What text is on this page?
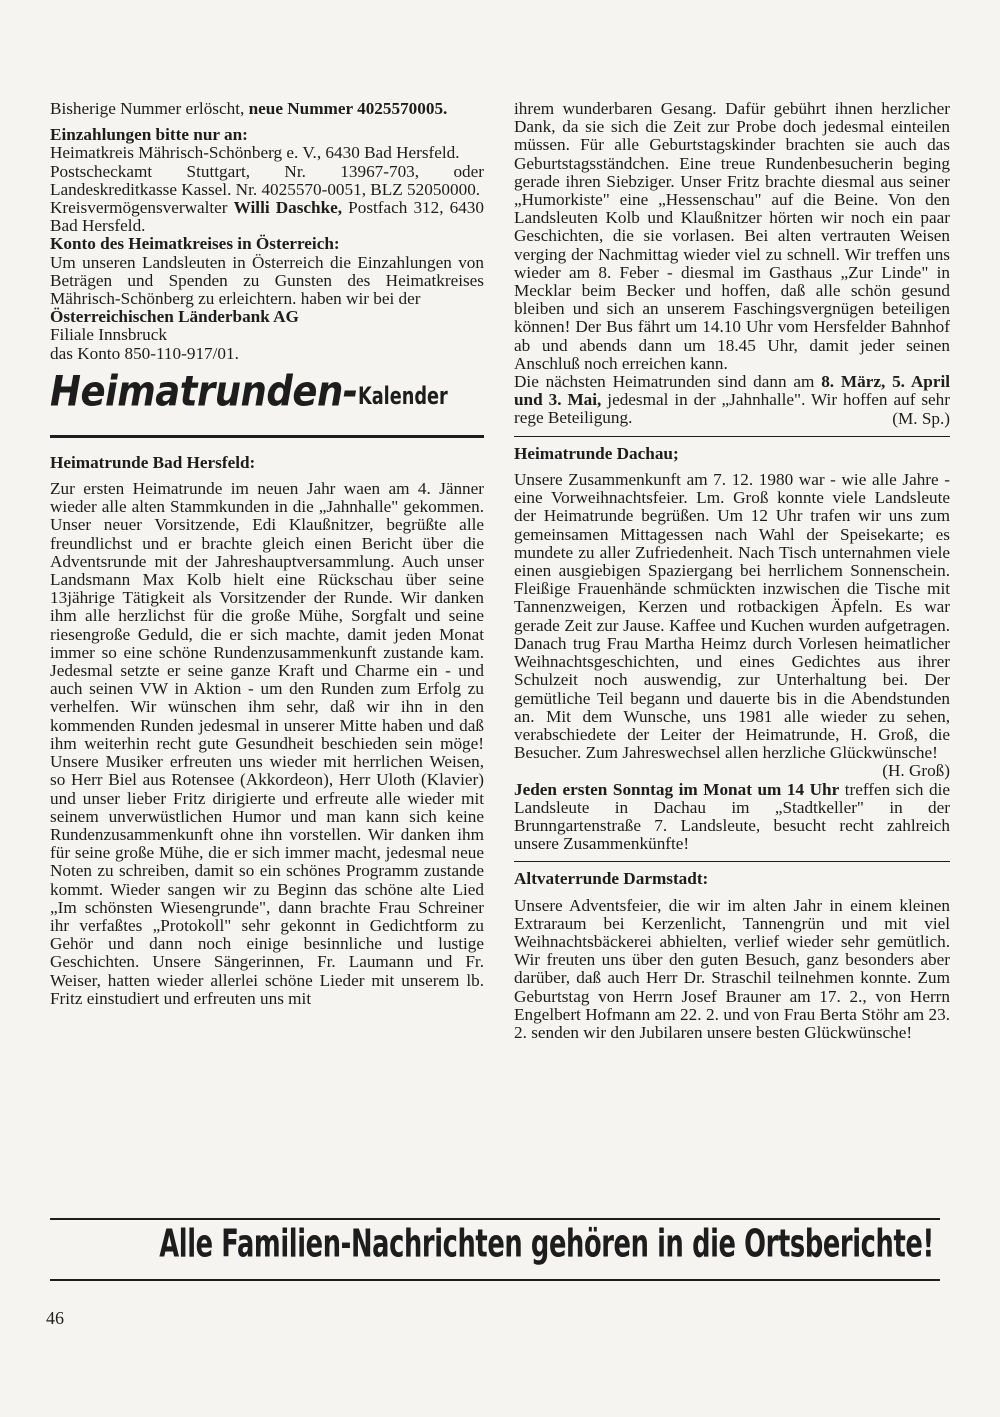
Bisherige Nummer erlöscht, neue Nummer 4025570005.

Einzahlungen bitte nur an:

Heimatkreis Mährisch-Schönberg e. V., 6430 Bad Hersfeld.

Postscheckamt Stuttgart, Nr. 13967-703, oder Landeskreditkasse Kassel. Nr. 4025570-0051, BLZ 52050000.

Kreisvermögensverwalter Willi Daschke, Postfach 312, 6430 Bad Hersfeld.

Konto des Heimatkreises in Österreich:

Um unseren Landsleuten in Österreich die Einzahlungen von Beträgen und Spenden zu Gunsten des Heimatkreises Mährisch-Schönberg zu erleichtern. haben wir bei der

Österreichischen Länderbank AG

Filiale Innsbruck

das Konto 850-110-917/01.

Heimatrunden-Kalender

Heimatrunde Bad Hersfeld:

Zur ersten Heimatrunde im neuen Jahr waen am 4. Jänner wieder alle alten Stammkunden in die „Jahnhalle" gekommen. Unser neuer Vorsitzende, Edi Klaußnitzer, begrüßte alle freundlichst und er brachte gleich einen Bericht über die Adventsrunde mit der Jahreshauptversammlung. Auch unser Landsmann Max Kolb hielt eine Rückschau über seine 13jährige Tätigkeit als Vorsitzender der Runde. Wir danken ihm alle herzlichst für die große Mühe, Sorgfalt und seine riesengroße Geduld, die er sich machte, damit jeden Monat immer so eine schöne Rundenzusammenkunft zustande kam. Jedesmal setzte er seine ganze Kraft und Charme ein - und auch seinen VW in Aktion - um den Runden zum Erfolg zu verhelfen. Wir wünschen ihm sehr, daß wir ihn in den kommenden Runden jedesmal in unserer Mitte haben und daß ihm weiterhin recht gute Gesundheit beschieden sein möge! Unsere Musiker erfreuten uns wieder mit herrlichen Weisen, so Herr Biel aus Rotensee (Akkordeon), Herr Uloth (Klavier) und unser lieber Fritz dirigierte und erfreute alle wieder mit seinem unverwüstlichen Humor und man kann sich keine Rundenzusammenkunft ohne ihn vorstellen. Wir danken ihm für seine große Mühe, die er sich immer macht, jedesmal neue Noten zu schreiben, damit so ein schönes Programm zustande kommt. Wieder sangen wir zu Beginn das schöne alte Lied „Im schönsten Wiesengrunde", dann brachte Frau Schreiner ihr verfaßtes „Protokoll" sehr gekonnt in Gedichtform zu Gehör und dann noch einige besinnliche und lustige Geschichten. Unsere Sängerinnen, Fr. Laumann und Fr. Weiser, hatten wieder allerlei schöne Lieder mit unserem lb. Fritz einstudiert und erfreuten uns mit

ihrem wunderbaren Gesang. Dafür gebührt ihnen herzlicher Dank, da sie sich die Zeit zur Probe doch jedesmal einteilen müssen. Für alle Geburtstagskinder brachten sie auch das Geburtstagsständchen. Eine treue Rundenbesucherin beging gerade ihren Siebziger. Unser Fritz brachte diesmal aus seiner „Humorkiste" eine „Hessenschau" auf die Beine. Von den Landsleuten Kolb und Klaußnitzer hörten wir noch ein paar Geschichten, die sie vorlasen. Bei alten vertrauten Weisen verging der Nachmittag wieder viel zu schnell. Wir treffen uns wieder am 8. Feber - diesmal im Gasthaus „Zur Linde" in Mecklar beim Becker und hoffen, daß alle schön gesund bleiben und sich an unserem Faschingsvergnügen beteiligen können! Der Bus fährt um 14.10 Uhr vom Hersfelder Bahnhof ab und abends dann um 18.45 Uhr, damit jeder seinen Anschluß noch erreichen kann.

Die nächsten Heimatrunden sind dann am 8. März, 5. April und 3. Mai, jedesmal in der „Jahnhalle". Wir hoffen auf sehr rege Beteiligung.	(M. Sp.)

Heimatrunde Dachau;

Unsere Zusammenkunft am 7. 12. 1980 war - wie alle Jahre - eine Vorweihnachtsfeier. Lm. Groß konnte viele Landsleute der Heimatrunde begrüßen. Um 12 Uhr trafen wir uns zum gemeinsamen Mittagessen nach Wahl der Speisekarte; es mundete zu aller Zufriedenheit. Nach Tisch unternahmen viele einen ausgiebigen Spaziergang bei herrlichem Sonnenschein. Fleißige Frauenhände schmückten inzwischen die Tische mit Tannenzweigen, Kerzen und rotbackigen Äpfeln. Es war gerade Zeit zur Jause. Kaffee und Kuchen wurden aufgetragen. Danach trug Frau Martha Heimz durch Vorlesen heimatlicher Weihnachtsgeschichten, und eines Gedichtes aus ihrer Schulzeit noch auswendig, zur Unterhaltung bei. Der gemütliche Teil begann und dauerte bis in die Abendstunden an. Mit dem Wunsche, uns 1981 alle wieder zu sehen, verabschiedete der Leiter der Heimatrunde, H. Groß, die Besucher. Zum Jahreswechsel allen herzliche Glückwünsche!

(H. Groß)

Jeden ersten Sonntag im Monat um 14 Uhr treffen sich die Landsleute in Dachau im „Stadtkeller" in der Brunngartenstraße 7. Landsleute, besucht recht zahlreich unsere Zusammenkünfte!

Altvaterrunde Darmstadt:

Unsere Adventsfeier, die wir im alten Jahr in einem kleinen Extraraum bei Kerzenlicht, Tannengrün und mit viel Weihnachtsbäckerei abhielten, verlief wieder sehr gemütlich. Wir freuten uns über den guten Besuch, ganz besonders aber darüber, daß auch Herr Dr. Straschil teilnehmen konnte. Zum Geburtstag von Herrn Josef Brauner am 17. 2., von Herrn Engelbert Hofmann am 22. 2. und von Frau Berta Stöhr am 23. 2. senden wir den Jubilaren unsere besten Glückwünsche!

Alle Familien-Nachrichten gehören in die Ortsberichte!
46
